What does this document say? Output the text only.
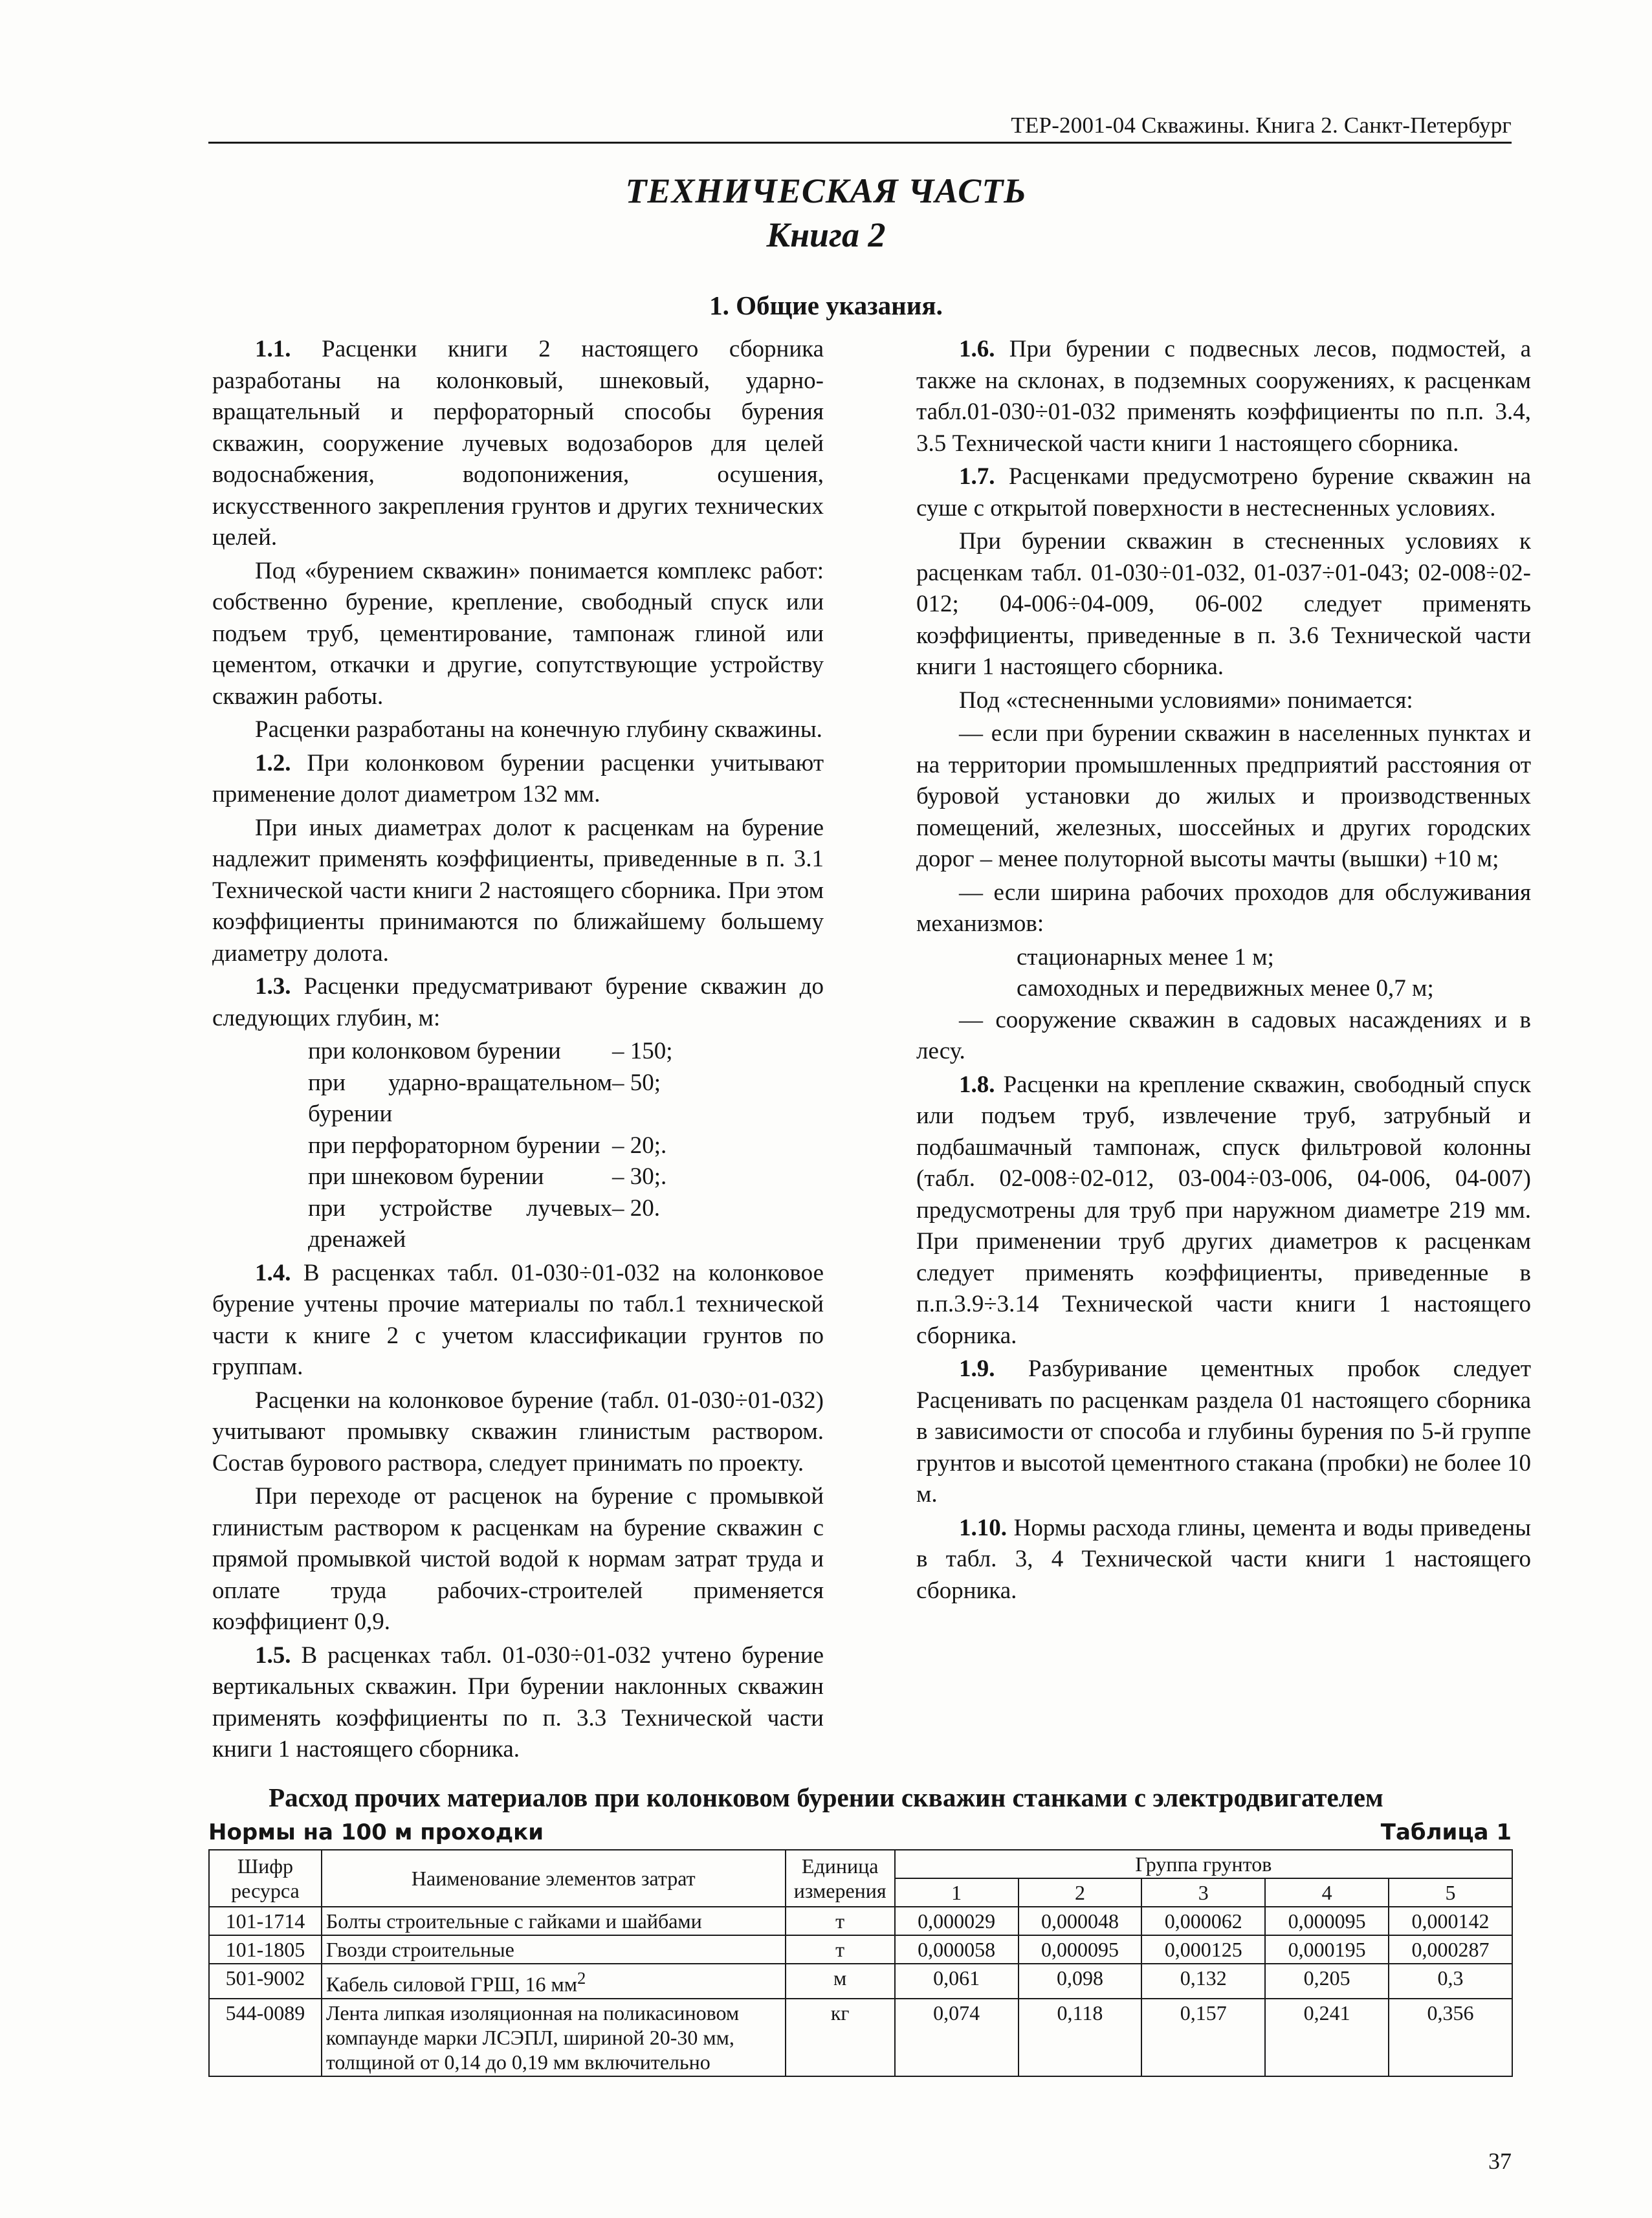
ТЕР-2001-04 Скважины. Книга 2. Санкт-Петербург
ТЕХНИЧЕСКАЯ ЧАСТЬ
Книга 2
1. Общие указания.

1.1. Расценки книги 2 настоящего сборника разработаны на колонковый, шнековый, ударно-вращательный и перфораторный способы бурения скважин, сооружение лучевых водозаборов для целей водоснабжения, водопонижения, осушения, искусственного закрепления грунтов и других технических целей.

Под «бурением скважин» понимается комплекс работ: собственно бурение, крепление, свободный спуск или подъем труб, цементирование, тампонаж глиной или цементом, откачки и другие, сопутствующие устройству скважин работы.

Расценки разработаны на конечную глубину скважины.

1.2. При колонковом бурении расценки учитывают применение долот диаметром 132 мм.

При иных диаметрах долот к расценкам на бурение надлежит применять коэффициенты, приведенные в п. 3.1 Технической части книги 2 настоящего сборника. При этом коэффициенты принимаются по ближайшему большему диаметру долота.

1.3. Расценки предусматривают бурение скважин до следующих глубин, м:

при колонковом бурении	– 150;
при ударно-вращательном бурении
– 50;
при перфораторном бурении – 20;.
при шнековом бурении	– 30;.
при устройстве лучевых дренажей
– 20.

1.4. В расценках табл. 01-030÷01-032 на колонковое бурение учтены прочие материалы по табл.1 технической части к книге 2 с учетом классификации грунтов по группам.

Расценки на колонковое бурение (табл. 01-030÷01-032) учитывают промывку скважин глинистым раствором. Состав бурового раствора, следует принимать по проекту.

При переходе от расценок на бурение с промывкой глинистым раствором к расценкам на бурение скважин с прямой промывкой чистой водой к нормам затрат труда и оплате труда рабочих-строителей применяется коэффициент 0,9.

1.5. В расценках табл. 01-030÷01-032 учтено бурение вертикальных скважин. При бурении наклонных скважин применять коэффициенты по п. 3.3 Технической части книги 1 настоящего сборника.

1.6. При бурении с подвесных лесов, подмостей, а также на склонах, в подземных сооружениях, к расценкам табл.01-030÷01-032 применять коэффициенты по п.п. 3.4, 3.5 Технической части книги 1 настоящего сборника.

1.7. Расценками предусмотрено бурение скважин на суше с открытой поверхности в нестесненных условиях.

При бурении скважин в стесненных условиях к расценкам табл. 01-030÷01-032, 01-037÷01-043; 02-008÷02-012; 04-006÷04-009, 06-002 следует применять коэффициенты, приведенные в п. 3.6 Технической части книги 1 настоящего сборника.

Под «стесненными условиями» понимается:

— если при бурении скважин в населенных пунктах и на территории промышленных предприятий расстояния от буровой установки до жилых и производственных помещений, железных, шоссейных и других городских дорог – менее полуторной высоты мачты (вышки) +10 м;

— если ширина рабочих проходов для обслуживания механизмов:

стационарных менее 1 м;
самоходных и передвижных менее 0,7 м;

— сооружение скважин в садовых насаждениях и в лесу.

1.8. Расценки на крепление скважин, свободный спуск или подъем труб, извлечение труб, затрубный и подбашмачный тампонаж, спуск фильтровой колонны (табл. 02-008÷02-012, 03-004÷03-006, 04-006, 04-007) предусмотрены для труб при наружном диаметре 219 мм. При применении труб других диаметров к расценкам следует применять коэффициенты, приведенные в п.п.3.9÷3.14 Технической части книги 1 настоящего сборника.

1.9. Разбуривание цементных пробок следует Расценивать по расценкам раздела 01 настоящего сборника в зависимости от способа и глубины бурения по 5-й группе грунтов и высотой цементного стакана (пробки) не более 10 м.

1.10. Нормы расхода глины, цемента и воды приведены в табл. 3, 4 Технической части книги 1 настоящего сборника.

Расход прочих материалов при колонковом бурении скважин станками с электродвигателем
Нормы на 100 м проходки	Таблица 1
Шифр ресурса	Наименование элементов затрат	Единица измерения	Группа грунтов				
			1	2	3	4	5
101-1714	Болты строительные с гайками и шайбами	т	0,000029	0,000048	0,000062	0,000095	0,000142
101-1805	Гвозди строительные	т	0,000058	0,000095	0,000125	0,000195	0,000287
501-9002	Кабель силовой ГРШ, 16 $мм^2$	м	0,061	0,098	0,132	0,205	0,3
544-0089	Лента липкая изоляционная на поликасиновом компаунде марки ЛСЭПЛ, шириной 20-30 мм, толщиной от 0,14 до 0,19 мм включительно	кг	0,074	0,118	0,157	0,241	0,356
37
